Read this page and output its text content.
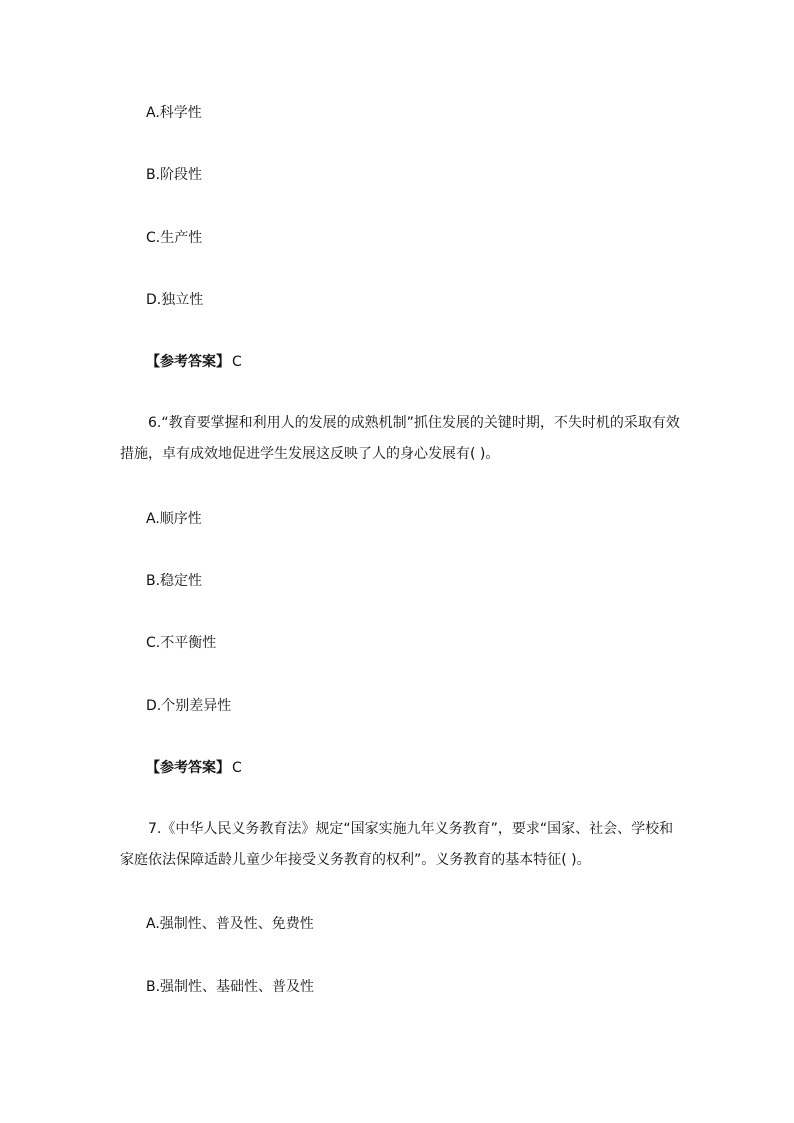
A.科学性
B.阶段性
C.生产性
D.独立性
【参考答案】 C
6.“教育要掌握和利用人的发展的成熟机制”抓住发展的关键时期，不失时机的采取有效措施，卓有成效地促进学生发展这反映了人的身心发展有( )。
A.顺序性
B.稳定性
C.不平衡性
D.个别差异性
【参考答案】 C
7.《中华人民义务教育法》规定“国家实施九年义务教育”，要求“国家、社会、学校和家庭依法保障适龄儿童少年接受义务教育的权利”。义务教育的基本特征( )。
A.强制性、普及性、免费性
B.强制性、基础性、普及性
